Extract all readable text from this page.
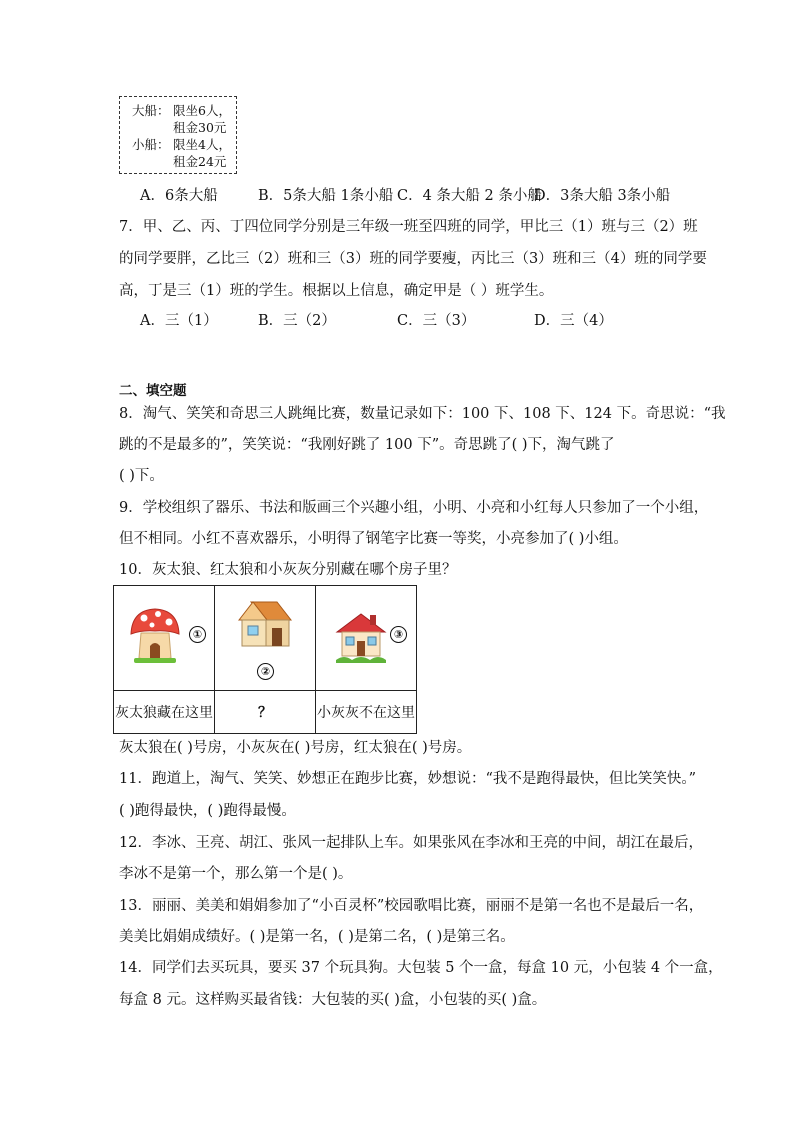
大船： 限坐6人，
租金30元
小船： 限坐4人，
租金24元
A．6条大船	B．5条大船 1条小船 C．4 条大船 2 条小船
D．3条大船 3条小船
7．甲、乙、丙、丁四位同学分别是三年级一班至四班的同学，甲比三（1）班与三（2）班
的同学要胖，乙比三（2）班和三（3）班的同学要瘦，丙比三（3）班和三（4）班的同学要
高，丁是三（1）班的学生。根据以上信息，确定甲是（ ）班学生。
A．三（1）	B．三（2）	C．三（3）	D．三（4）
二、填空题
8．淘气、笑笑和奇思三人跳绳比赛，数量记录如下：100 下、108 下、124 下。奇思说：“我
跳的不是最多的”，笑笑说：“我刚好跳了 100 下”。奇思跳了( )下，淘气跳了
( )下。
9．学校组织了器乐、书法和版画三个兴趣小组，小明、小亮和小红每人只参加了一个小组，
但不相同。小红不喜欢器乐，小明得了钢笔字比赛一等奖，小亮参加了( )小组。
10．灰太狼、红太狼和小灰灰分别藏在哪个房子里？
①	②	③

灰太狼藏在这里	？	小灰灰不在这里
灰太狼在( )号房，小灰灰在( )号房，红太狼在( )号房。
11．跑道上，淘气、笑笑、妙想正在跑步比赛，妙想说：“我不是跑得最快，但比笑笑快。”
( )跑得最快，( )跑得最慢。
12．李冰、王亮、胡江、张风一起排队上车。如果张风在李冰和王亮的中间，胡江在最后，
李冰不是第一个，那么第一个是( )。
13．丽丽、美美和娟娟参加了“小百灵杯”校园歌唱比赛，丽丽不是第一名也不是最后一名，
美美比娟娟成绩好。( )是第一名，( )是第二名，( )是第三名。
14．同学们去买玩具，要买 37 个玩具狗。大包装 5 个一盒，每盒 10 元，小包装 4 个一盒，
每盒 8 元。这样购买最省钱：大包装的买( )盒，小包装的买( )盒。
